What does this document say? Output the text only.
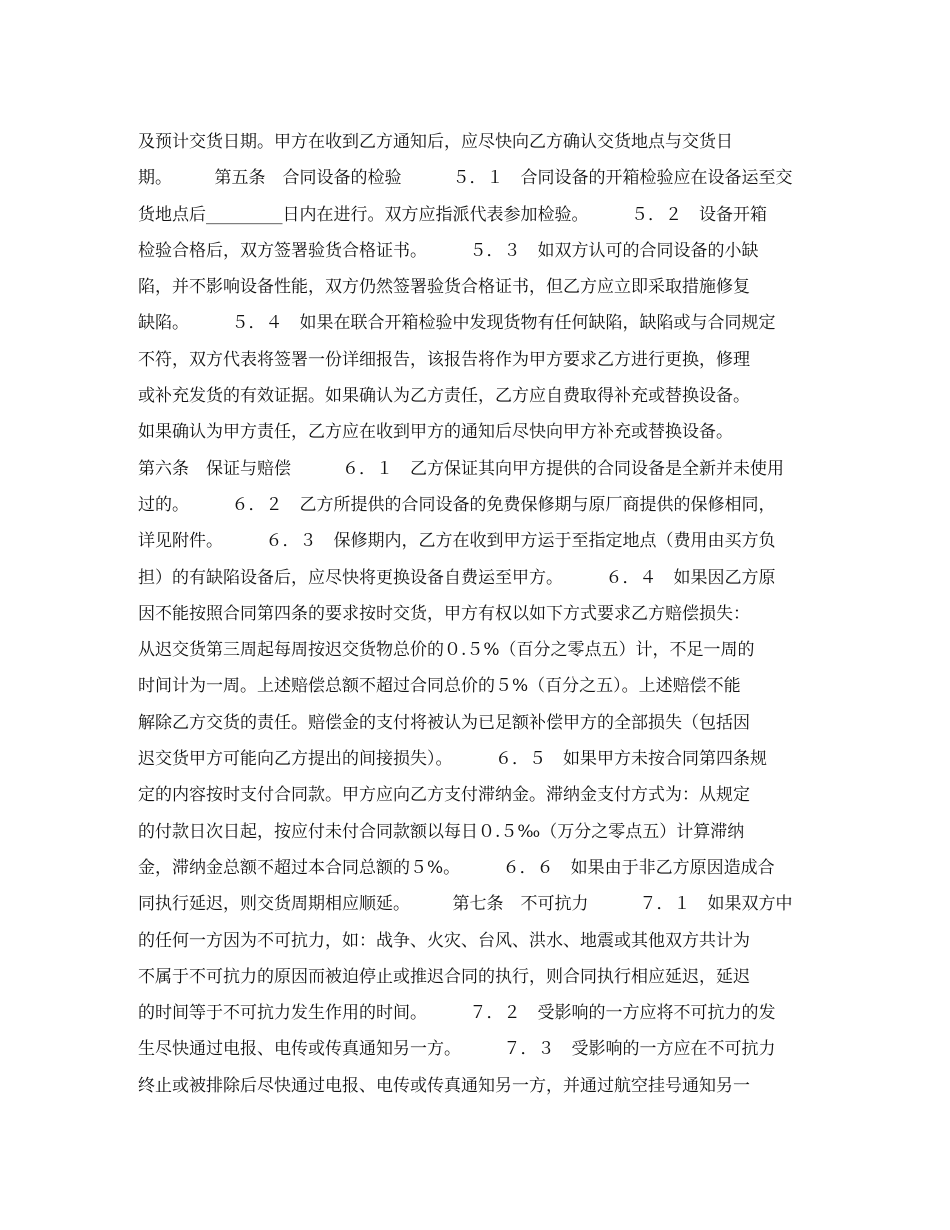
及预计交货日期。甲方在收到乙方通知后，应尽快向乙方确认交货地点与交货日
期。　　　第五条　合同设备的检验　　　５．１　合同设备的开箱检验应在设备运至交
货地点后_________日内在进行。双方应指派代表参加检验。　　　５．２　设备开箱
检验合格后，双方签署验货合格证书。　　　５．３　如双方认可的合同设备的小缺
陷，并不影响设备性能，双方仍然签署验货合格证书，但乙方应立即采取措施修复
缺陷。　　　５．４　如果在联合开箱检验中发现货物有任何缺陷，缺陷或与合同规定
不符，双方代表将签署一份详细报告，该报告将作为甲方要求乙方进行更换，修理
或补充发货的有效证据。如果确认为乙方责任，乙方应自费取得补充或替换设备。
如果确认为甲方责任，乙方应在收到甲方的通知后尽快向甲方补充或替换设备。
第六条　保证与赔偿　　　６．１　乙方保证其向甲方提供的合同设备是全新并未使用
过的。　　　６．２　乙方所提供的合同设备的免费保修期与原厂商提供的保修相同，
详见附件。　　　６．３　保修期内，乙方在收到甲方运于至指定地点（费用由买方负
担）的有缺陷设备后，应尽快将更换设备自费运至甲方。　　　６．４　如果因乙方原
因不能按照合同第四条的要求按时交货，甲方有权以如下方式要求乙方赔偿损失：
从迟交货第三周起每周按迟交货物总价的０.５%（百分之零点五）计，不足一周的
时间计为一周。上述赔偿总额不超过合同总价的５%（百分之五）。上述赔偿不能
解除乙方交货的责任。赔偿金的支付将被认为已足额补偿甲方的全部损失（包括因
迟交货甲方可能向乙方提出的间接损失）。　　　６．５　如果甲方未按合同第四条规
定的内容按时支付合同款。甲方应向乙方支付滞纳金。滞纳金支付方式为：从规定
的付款日次日起，按应付未付合同款额以每日０.５‰（万分之零点五）计算滞纳
金，滞纳金总额不超过本合同总额的５%。　　　６．６　如果由于非乙方原因造成合
同执行延迟，则交货周期相应顺延。　　　第七条　不可抗力　　　７．１　如果双方中
的任何一方因为不可抗力，如：战争、火灾、台风、洪水、地震或其他双方共计为
不属于不可抗力的原因而被迫停止或推迟合同的执行，则合同执行相应延迟，延迟
的时间等于不可抗力发生作用的时间。　　　７．２　受影响的一方应将不可抗力的发
生尽快通过电报、电传或传真通知另一方。　　　７．３　受影响的一方应在不可抗力
终止或被排除后尽快通过电报、电传或传真通知另一方，并通过航空挂号通知另一
